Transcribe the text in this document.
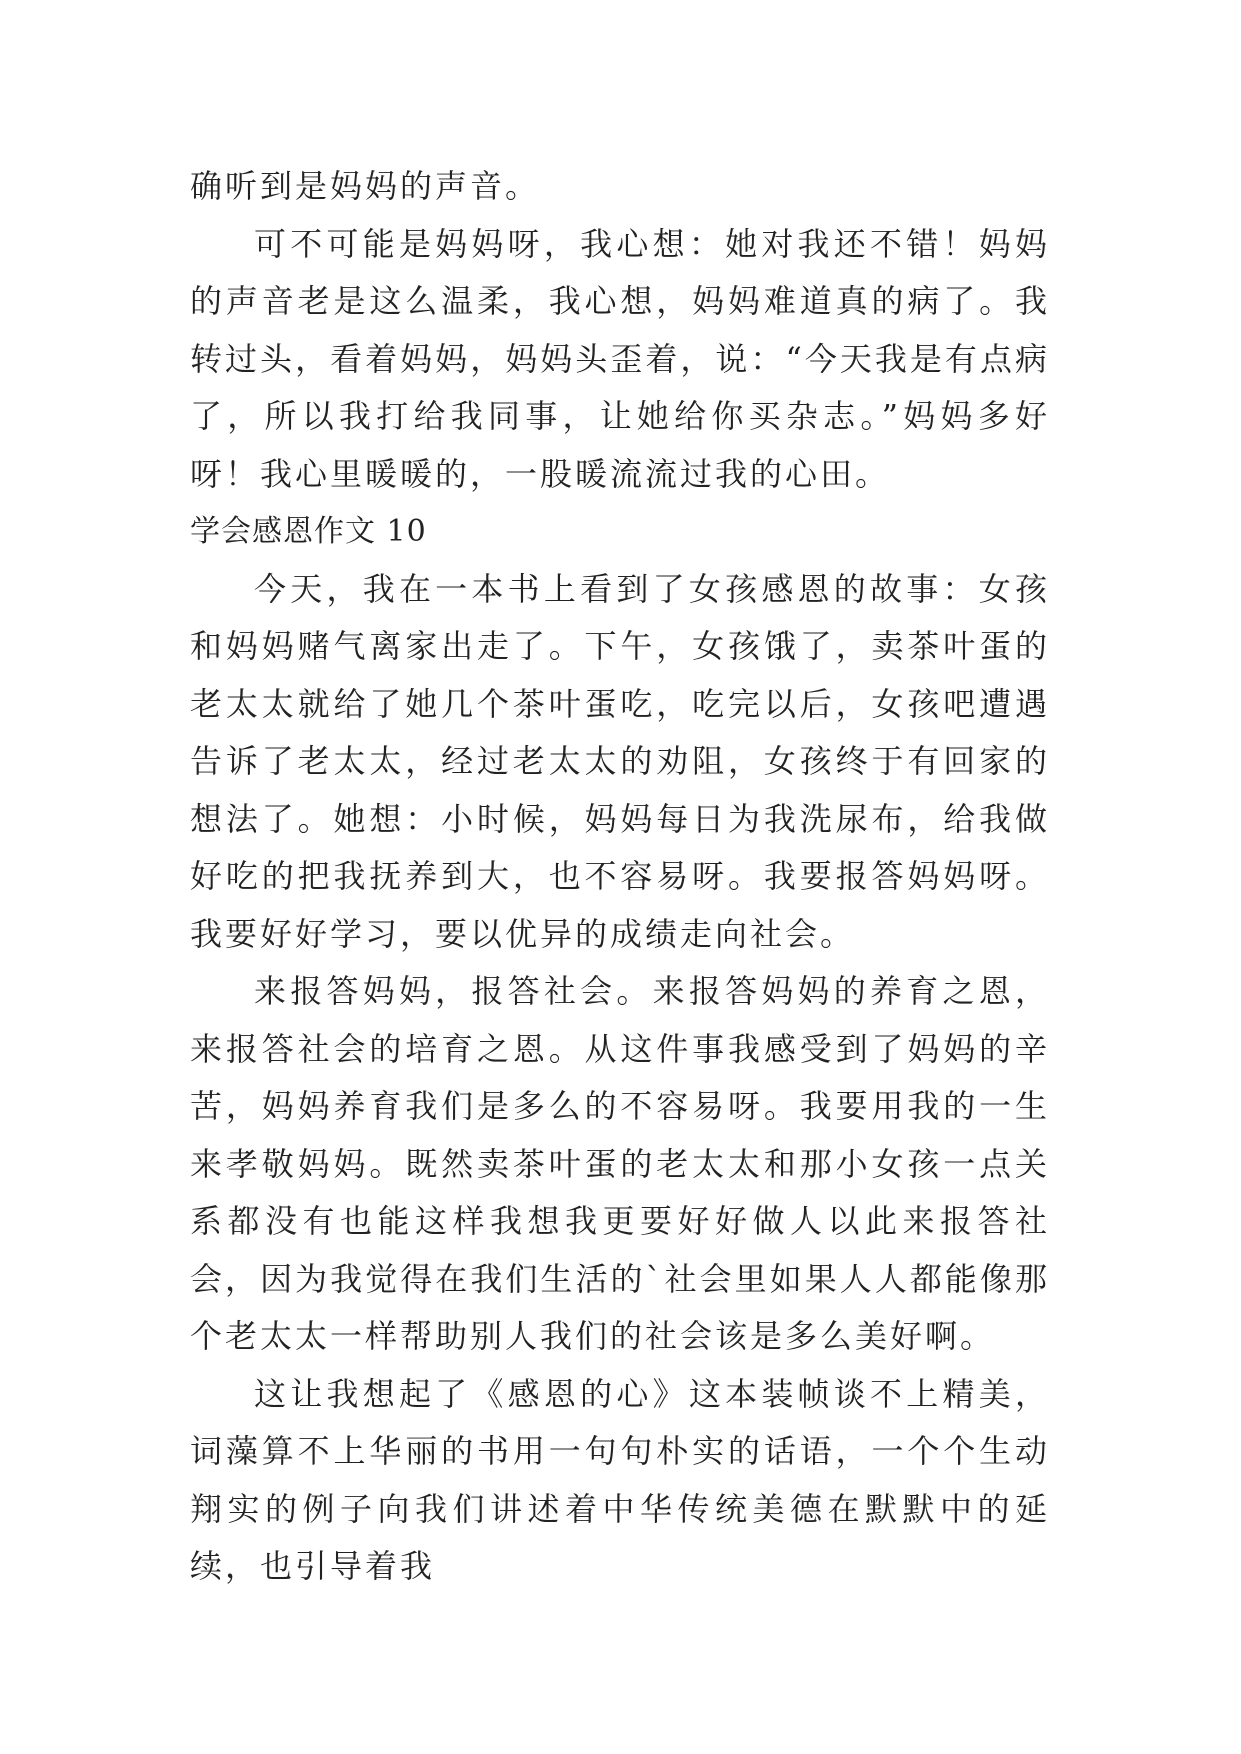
确听到是妈妈的声音。

可不可能是妈妈呀，我心想：她对我还不错！妈妈的声音老是这么温柔，我心想，妈妈难道真的病了。我转过头，看着妈妈，妈妈头歪着，说：“今天我是有点病了，所以我打给我同事，让她给你买杂志。”妈妈多好呀！我心里暖暖的，一股暖流流过我的心田。

学会感恩作文 10

今天，我在一本书上看到了女孩感恩的故事：女孩和妈妈赌气离家出走了。下午，女孩饿了，卖茶叶蛋的老太太就给了她几个茶叶蛋吃，吃完以后，女孩吧遭遇告诉了老太太，经过老太太的劝阻，女孩终于有回家的想法了。她想：小时候，妈妈每日为我洗尿布，给我做好吃的把我抚养到大，也不容易呀。我要报答妈妈呀。我要好好学习，要以优异的成绩走向社会。

来报答妈妈，报答社会。来报答妈妈的养育之恩，来报答社会的培育之恩。从这件事我感受到了妈妈的辛苦，妈妈养育我们是多么的不容易呀。我要用我的一生来孝敬妈妈。既然卖茶叶蛋的老太太和那小女孩一点关系都没有也能这样我想我更要好好做人以此来报答社会，因为我觉得在我们生活的`社会里如果人人都能像那个老太太一样帮助别人我们的社会该是多么美好啊。

这让我想起了《感恩的心》这本装帧谈不上精美，词藻算不上华丽的书用一句句朴实的话语，一个个生动翔实的例子向我们讲述着中华传统美德在默默中的延续，也引导着我
